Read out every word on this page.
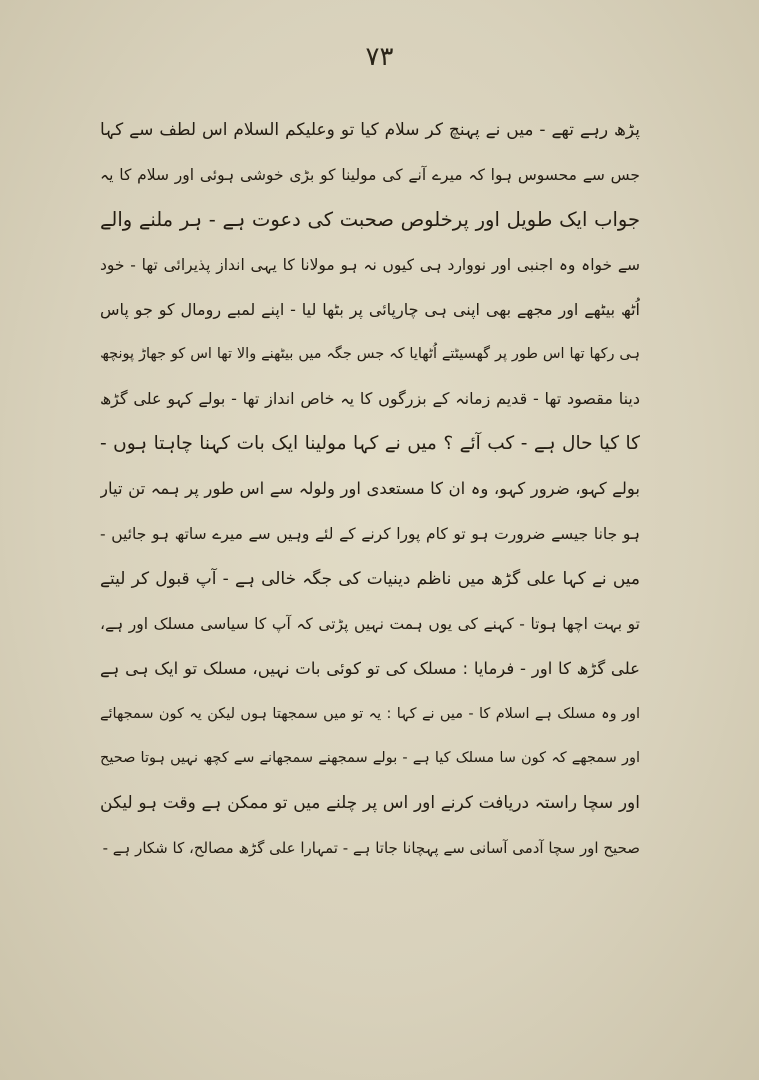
۷۳
پڑھ رہے تھے - میں نے پہنچ کر سلام کیا تو وعلیکم السلام اس لطف سے کہا
جس سے محسوس ہوا کہ میرے آنے کی مولینا کو بڑی خوشی ہوئی اور سلام کا یہ
جواب ایک طویل اور پرخلوص صحبت کی دعوت ہے - ہر ملنے والے
سے خواہ وہ اجنبی اور نووارد ہی کیوں نہ ہو مولانا کا یہی انداز پذیرائی تھا - خود
اُٹھ بیٹھے اور مجھے بھی اپنی ہی چارپائی پر بٹھا لیا - اپنے لمبے رومال کو جو پاس
ہی رکھا تھا اس طور پر گھسیٹتے اُٹھایا کہ جس جگہ میں بیٹھنے والا تھا اس کو جھاڑ پونچھ
دینا مقصود تھا - قدیم زمانہ کے بزرگوں کا یہ خاص انداز تھا - بولے کہو علی گڑھ
کا کیا حال ہے - کب آئے ؟ میں نے کہا مولینا ایک بات کہنا چاہتا ہوں -
بولے کہو، ضرور کہو، وہ ان کا مستعدی اور ولولہ سے اس طور پر ہمہ تن تیار
ہو جانا جیسے ضرورت ہو تو کام پورا کرنے کے لئے وہیں سے میرے ساتھ ہو جائیں -
میں نے کہا علی گڑھ میں ناظم دینیات کی جگہ خالی ہے - آپ قبول کر لیتے
تو بہت اچھا ہوتا - کہنے کی یوں ہمت نہیں پڑتی کہ آپ کا سیاسی مسلک اور ہے،
علی گڑھ کا اور - فرمایا : مسلک کی تو کوئی بات نہیں، مسلک تو ایک ہی ہے
اور وہ مسلک ہے اسلام کا - میں نے کہا : یہ تو میں سمجھتا ہوں لیکن یہ کون سمجھائے
اور سمجھے کہ کون سا مسلک کیا ہے - بولے سمجھنے سمجھانے سے کچھ نہیں ہوتا صحیح
اور سچا راستہ دریافت کرنے اور اس پر چلنے میں تو ممکن ہے وقت ہو لیکن
صحیح اور سچا آدمی آسانی سے پہچانا جاتا ہے - تمہارا علی گڑھ مصالح، کا شکار ہے -
